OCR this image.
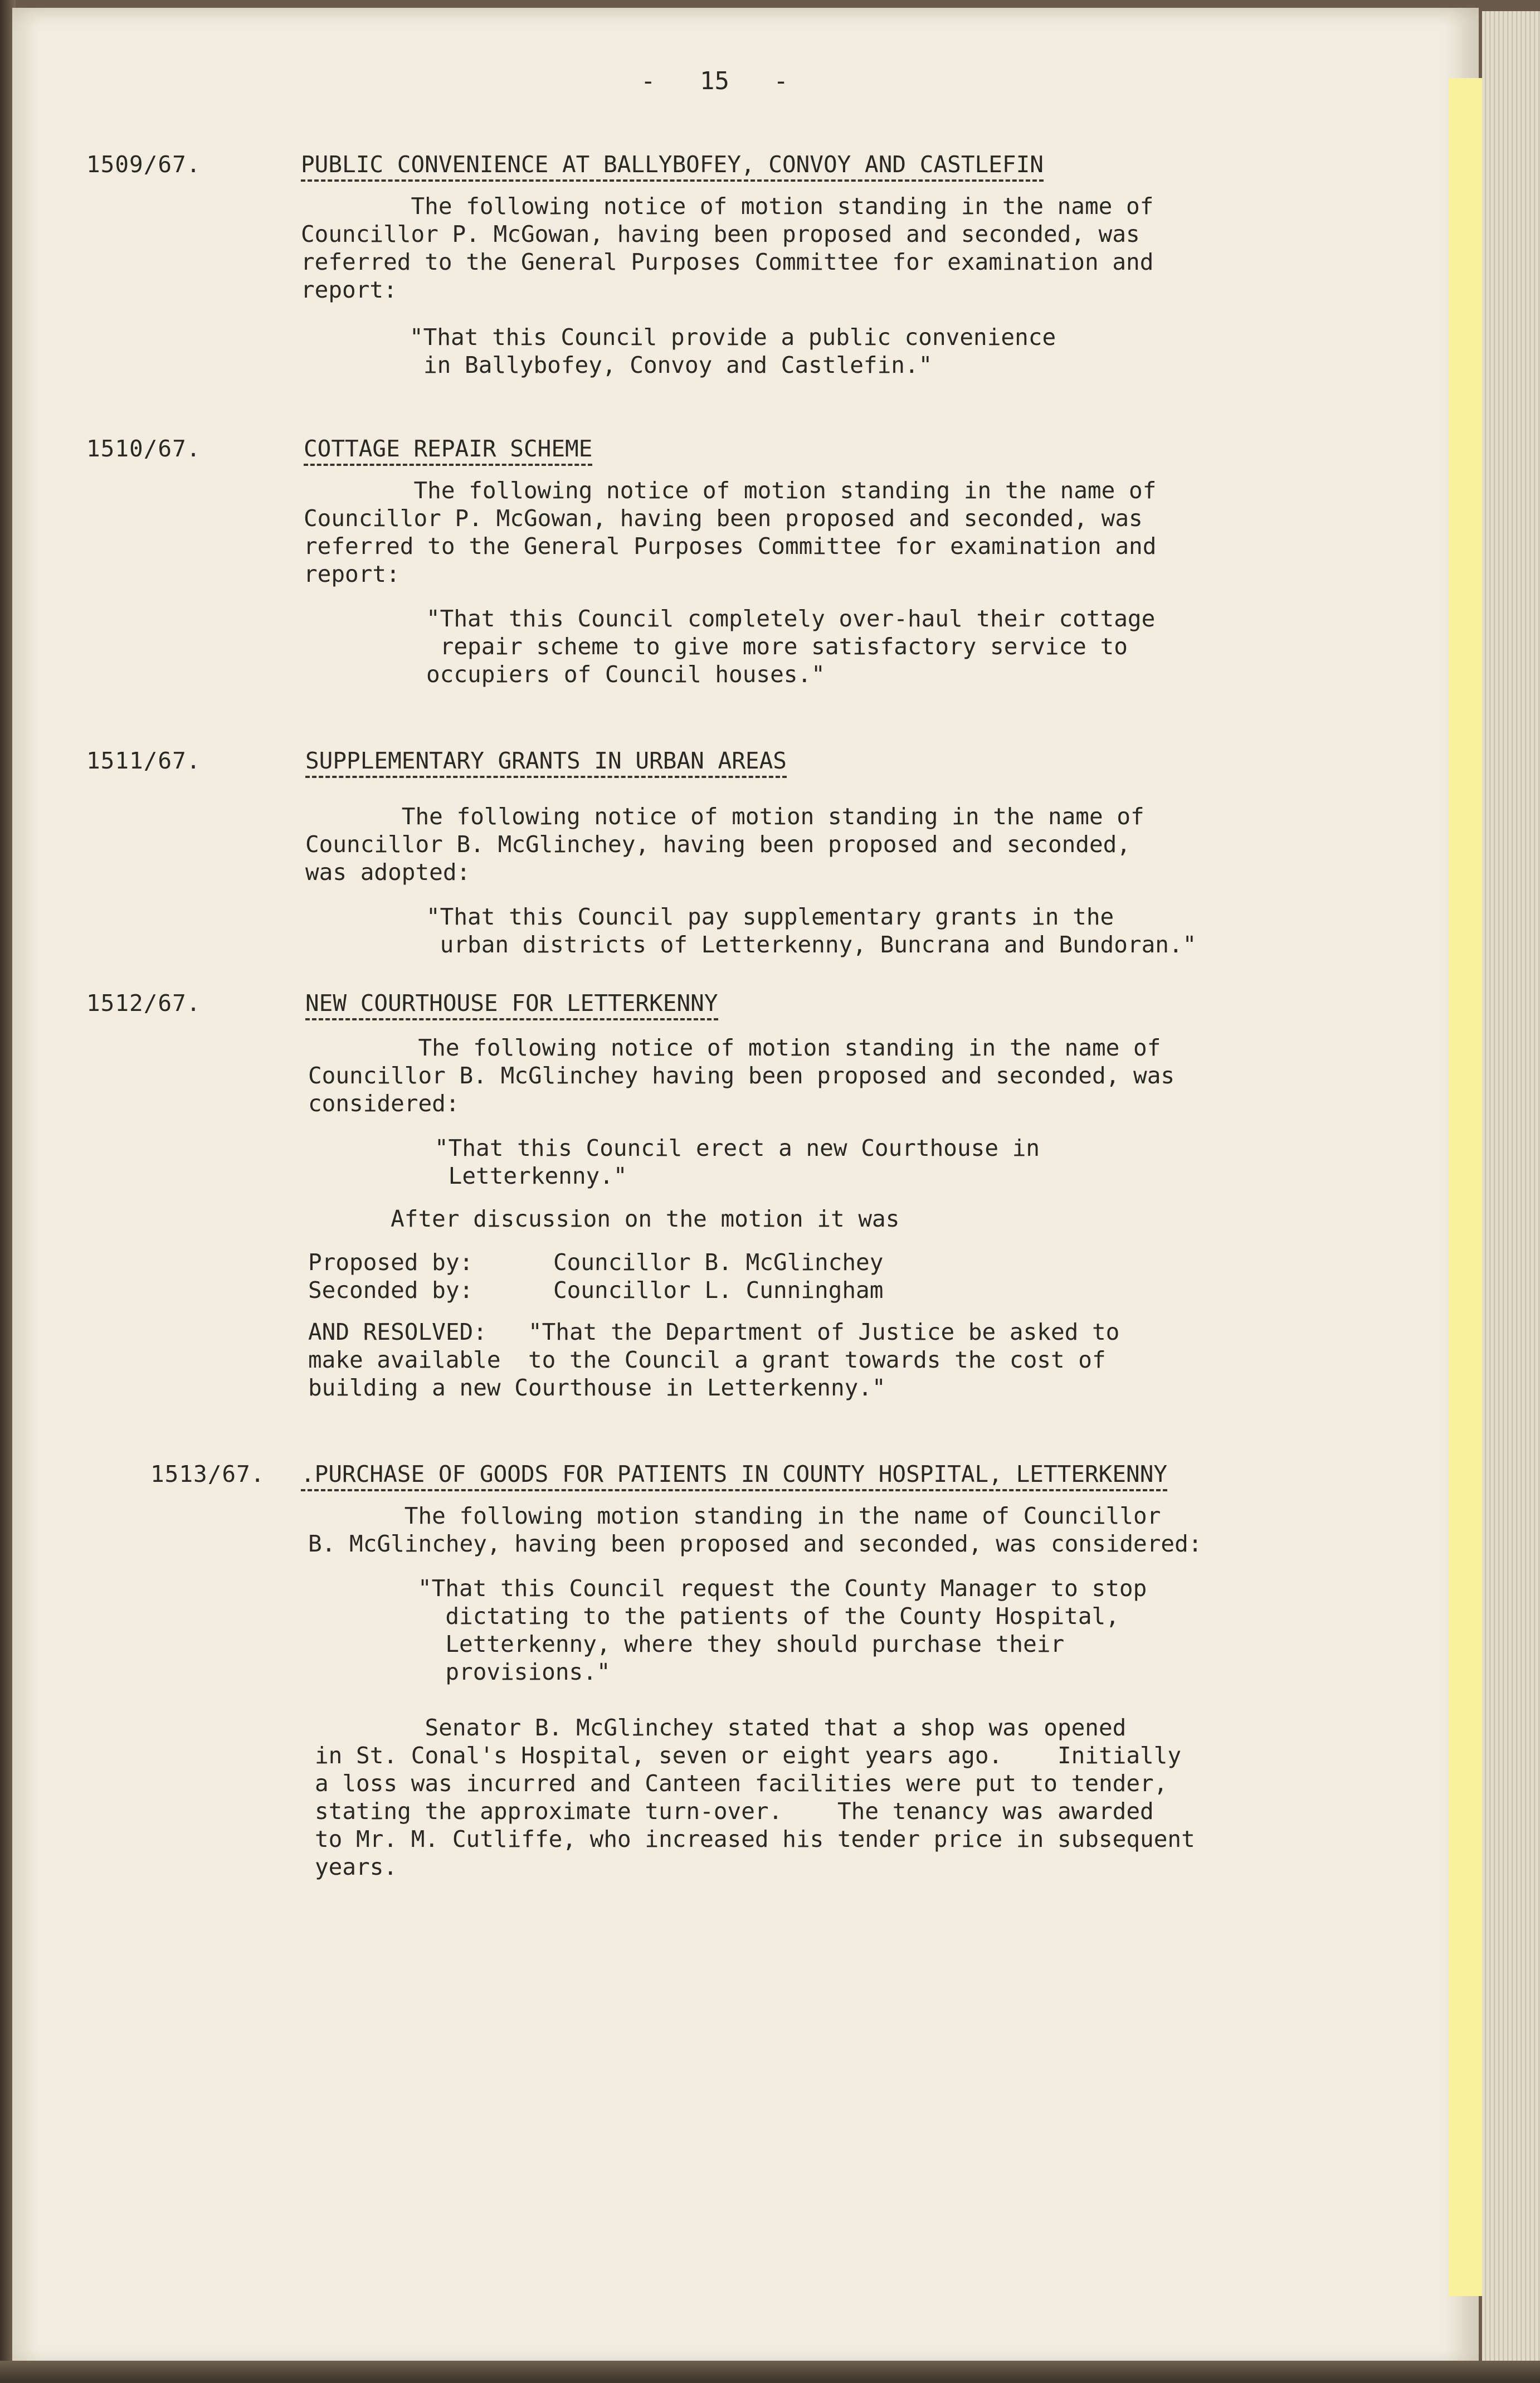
-   15   -
1509/67.	PUBLIC CONVENIENCE AT BALLYBOFEY, CONVOY AND CASTLEFIN
The following notice of motion standing in the name of
Councillor P. McGowan, having been proposed and seconded, was
referred to the General Purposes Committee for examination and
report:
"That this Council provide a public convenience
in Ballybofey, Convoy and Castlefin."
1510/67.	COTTAGE REPAIR SCHEME
The following notice of motion standing in the name of
Councillor P. McGowan, having been proposed and seconded, was
referred to the General Purposes Committee for examination and
report:
"That this Council completely over-haul their cottage
repair scheme to give more satisfactory service to
occupiers of Council houses."
1511/67.	SUPPLEMENTARY GRANTS IN URBAN AREAS
The following notice of motion standing in the name of
Councillor B. McGlinchey, having been proposed and seconded,
was adopted:
"That this Council pay supplementary grants in the
urban districts of Letterkenny, Buncrana and Bundoran."
1512/67.	NEW COURTHOUSE FOR LETTERKENNY
The following notice of motion standing in the name of
Councillor B. McGlinchey having been proposed and seconded, was
considered:
"That this Council erect a new Courthouse in
Letterkenny."
After discussion on the motion it was
Proposed by:	Councillor B. McGlinchey
Seconded by:	Councillor L. Cunningham
AND RESOLVED:   "That the Department of Justice be asked to
make available  to the Council a grant towards the cost of
building a new Courthouse in Letterkenny."
1513/67. .PURCHASE OF GOODS FOR PATIENTS IN COUNTY HOSPITAL, LETTERKENNY
The following motion standing in the name of Councillor
B. McGlinchey, having been proposed and seconded, was considered:
"That this Council request the County Manager to stop
dictating to the patients of the County Hospital,
Letterkenny, where they should purchase their
provisions."
Senator B. McGlinchey stated that a shop was opened
in St. Conal's Hospital, seven or eight years ago.    Initially
a loss was incurred and Canteen facilities were put to tender,
stating the approximate turn-over.    The tenancy was awarded
to Mr. M. Cutliffe, who increased his tender price in subsequent
years.
